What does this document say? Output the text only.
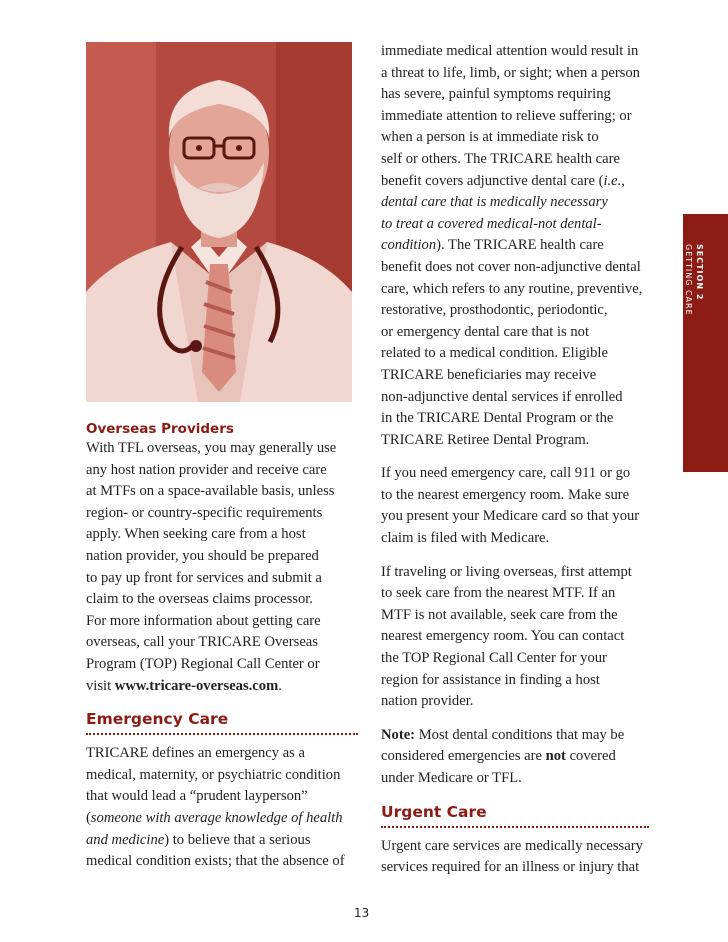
Overseas Providers

With TFL overseas, you may generally use

any host nation provider and receive care

at MTFs on a space-available basis, unless

region- or country-specific requirements

apply. When seeking care from a host

nation provider, you should be prepared

to pay up front for services and submit a

claim to the overseas claims processor.

For more information about getting care

overseas, call your TRICARE Overseas

Program (TOP) Regional Call Center or

visit www.tricare-overseas.com.

Emergency Care

TRICARE defines an emergency as a

medical, maternity, or psychiatric condition

that would lead a “prudent layperson”

(someone with average knowledge of health

and medicine) to believe that a serious

medical condition exists; that the absence of

immediate medical attention would result in

a threat to life, limb, or sight; when a person

has severe, painful symptoms requiring

immediate attention to relieve suffering; or

when a person is at immediate risk to

self or others. The TRICARE health care

benefit covers adjunctive dental care (i.e.,

dental care that is medically necessary

to treat a covered medical-not dental-

condition). The TRICARE health care

benefit does not cover non-adjunctive dental

care, which refers to any routine, preventive,

restorative, prosthodontic, periodontic,

or emergency dental care that is not

related to a medical condition. Eligible

TRICARE beneficiaries may receive

non-adjunctive dental services if enrolled

in the TRICARE Dental Program or the

TRICARE Retiree Dental Program.

If you need emergency care, call 911 or go

to the nearest emergency room. Make sure

you present your Medicare card so that your

claim is filed with Medicare.

If traveling or living overseas, first attempt

to seek care from the nearest MTF. If an

MTF is not available, seek care from the

nearest emergency room. You can contact

the TOP Regional Call Center for your

region for assistance in finding a host

nation provider.

Note: Most dental conditions that may be

considered emergencies are not covered

under Medicare or TFL.

Urgent Care

Urgent care services are medically necessary

services required for an illness or injury that

SECTION 2
GETTING CARE
13
